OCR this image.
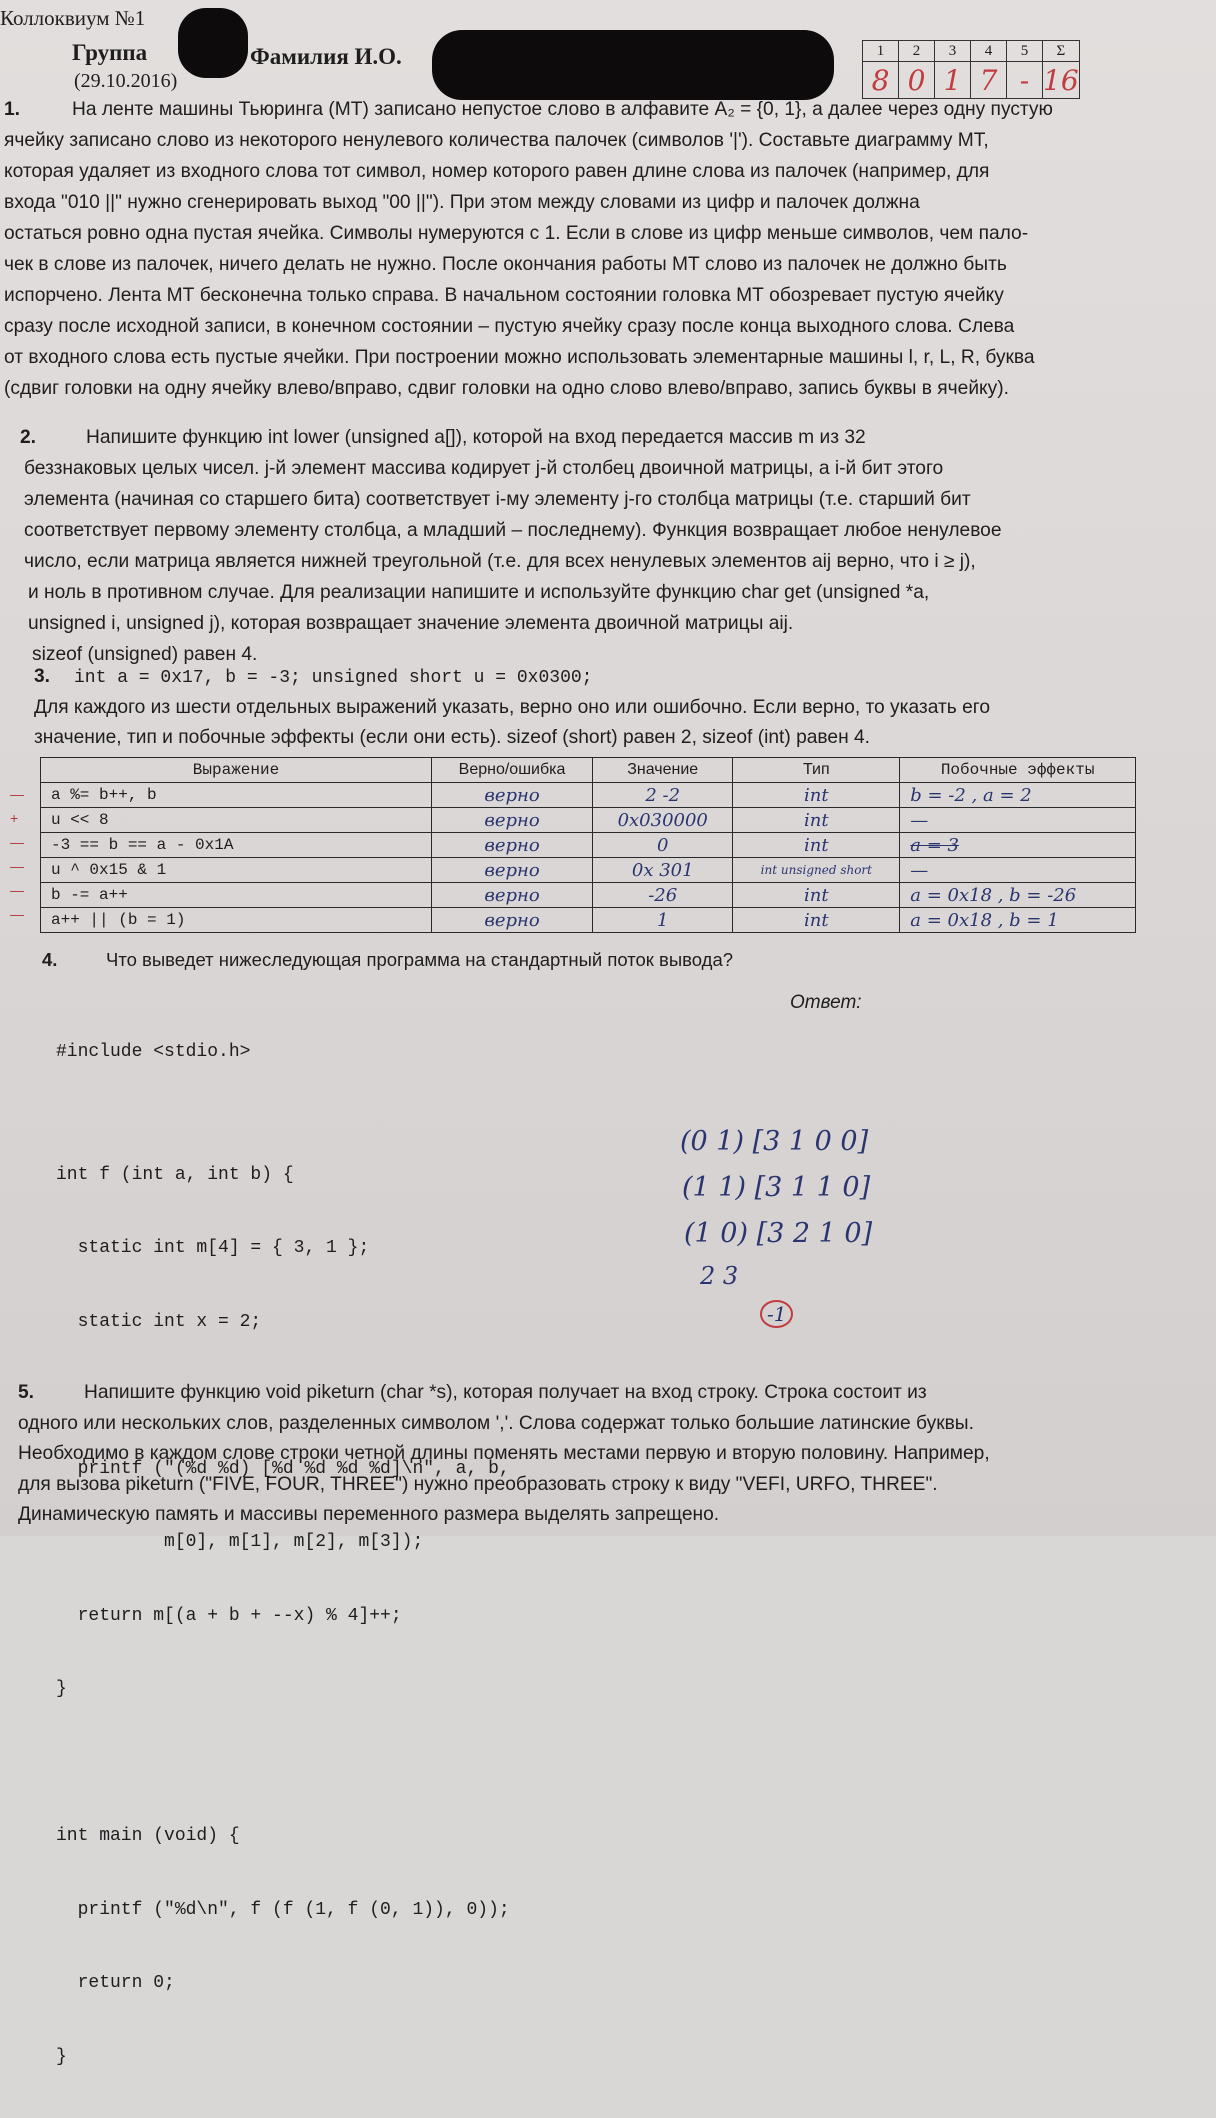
Коллоквиум №1
Группа	Фамилия И.О.
(29.10.2016)
1	2	3	4	5	Σ
8	0	1	7	-	16
1.	На ленте машины Тьюринга (МТ) записано непустое слово в алфавите A₂ = {0, 1}, а далее через одну пустую
ячейку записано слово из некоторого ненулевого количества палочек (символов '|'). Составьте диаграмму МТ,
которая удаляет из входного слова тот символ, номер которого равен длине слова из палочек (например, для
входа "010 ||" нужно сгенерировать выход "00 ||"). При этом между словами из цифр и палочек должна
остаться ровно одна пустая ячейка. Символы нумеруются с 1. Если в слове из цифр меньше символов, чем пало-
чек в слове из палочек, ничего делать не нужно. После окончания работы МТ слово из палочек не должно быть
испорчено. Лента МТ бесконечна только справа. В начальном состоянии головка МТ обозревает пустую ячейку
сразу после исходной записи, в конечном состоянии – пустую ячейку сразу после конца выходного слова. Слева
от входного слова есть пустые ячейки. При построении можно использовать элементарные машины l, r, L, R, буква
(сдвиг головки на одну ячейку влево/вправо, сдвиг головки на одно слово влево/вправо, запись буквы в ячейку).
2.	Напишите функцию int lower (unsigned a[]), которой на вход передается массив m из 32
беззнаковых целых чисел. j-й элемент массива кодирует j-й столбец двоичной матрицы, а i-й бит этого
элемента (начиная со старшего бита) соответствует i-му элементу j-го столбца матрицы (т.е. старший бит
соответствует первому элементу столбца, а младший – последнему). Функция возвращает любое ненулевое
число, если матрица является нижней треугольной (т.е. для всех ненулевых элементов aij верно, что i ≥ j),
и ноль в противном случае. Для реализации напишите и используйте функцию char get (unsigned *a,
unsigned i, unsigned j), которая возвращает значение элемента двоичной матрицы aij.
sizeof (unsigned) равен 4.
3. int a = 0x17, b = -3; unsigned short u = 0x0300;
Для каждого из шести отдельных выражений указать, верно оно или ошибочно. Если верно, то указать его
значение, тип и побочные эффекты (если они есть). sizeof (short) равен 2, sizeof (int) равен 4.
Выражение	Верно/ошибка	Значение	Тип	Побочные эффекты
a %= b++, b	верно	2 -2	int	b = -2 , a = 2
u << 8	верно	0x030000	int	—
-3 == b == a - 0x1A	верно	0	int	a = 3
u ^ 0x15 & 1	верно	0x 301	int unsigned short	—
b -= a++	верно	-26	int	a = 0x18 , b = -26
a++ || (b = 1)	верно	1	int	a = 0x18 , b = 1
—
+
—
—
—
—
4.	Что выведет нижеследующая программа на стандартный поток вывода?
Ответ:

#include <stdio.h>

int f (int a, int b) {

static int m[4] = { 3, 1 };

static int x = 2;

printf ("(%d %d) [%d %d %d %d]\n", a, b,

m[0], m[1], m[2], m[3]);

return m[(a + b + --x) % 4]++;

}

int main (void) {

printf ("%d\n", f (f (1, f (0, 1)), 0));

return 0;

}

(0 1) [3 1 0 0]
(1 1) [3 1 1 0]
(1 0) [3 2 1 0]
2 3
-1
5.	Напишите функцию void piketurn (char *s), которая получает на вход строку. Строка состоит из
одного или нескольких слов, разделенных символом ','. Слова содержат только большие латинские буквы.
Необходимо в каждом слове строки четной длины поменять местами первую и вторую половину. Например,
для вызова piketurn ("FIVE, FOUR, THREE") нужно преобразовать строку к виду "VEFI, URFO, THREE".
Динамическую память и массивы переменного размера выделять запрещено.
